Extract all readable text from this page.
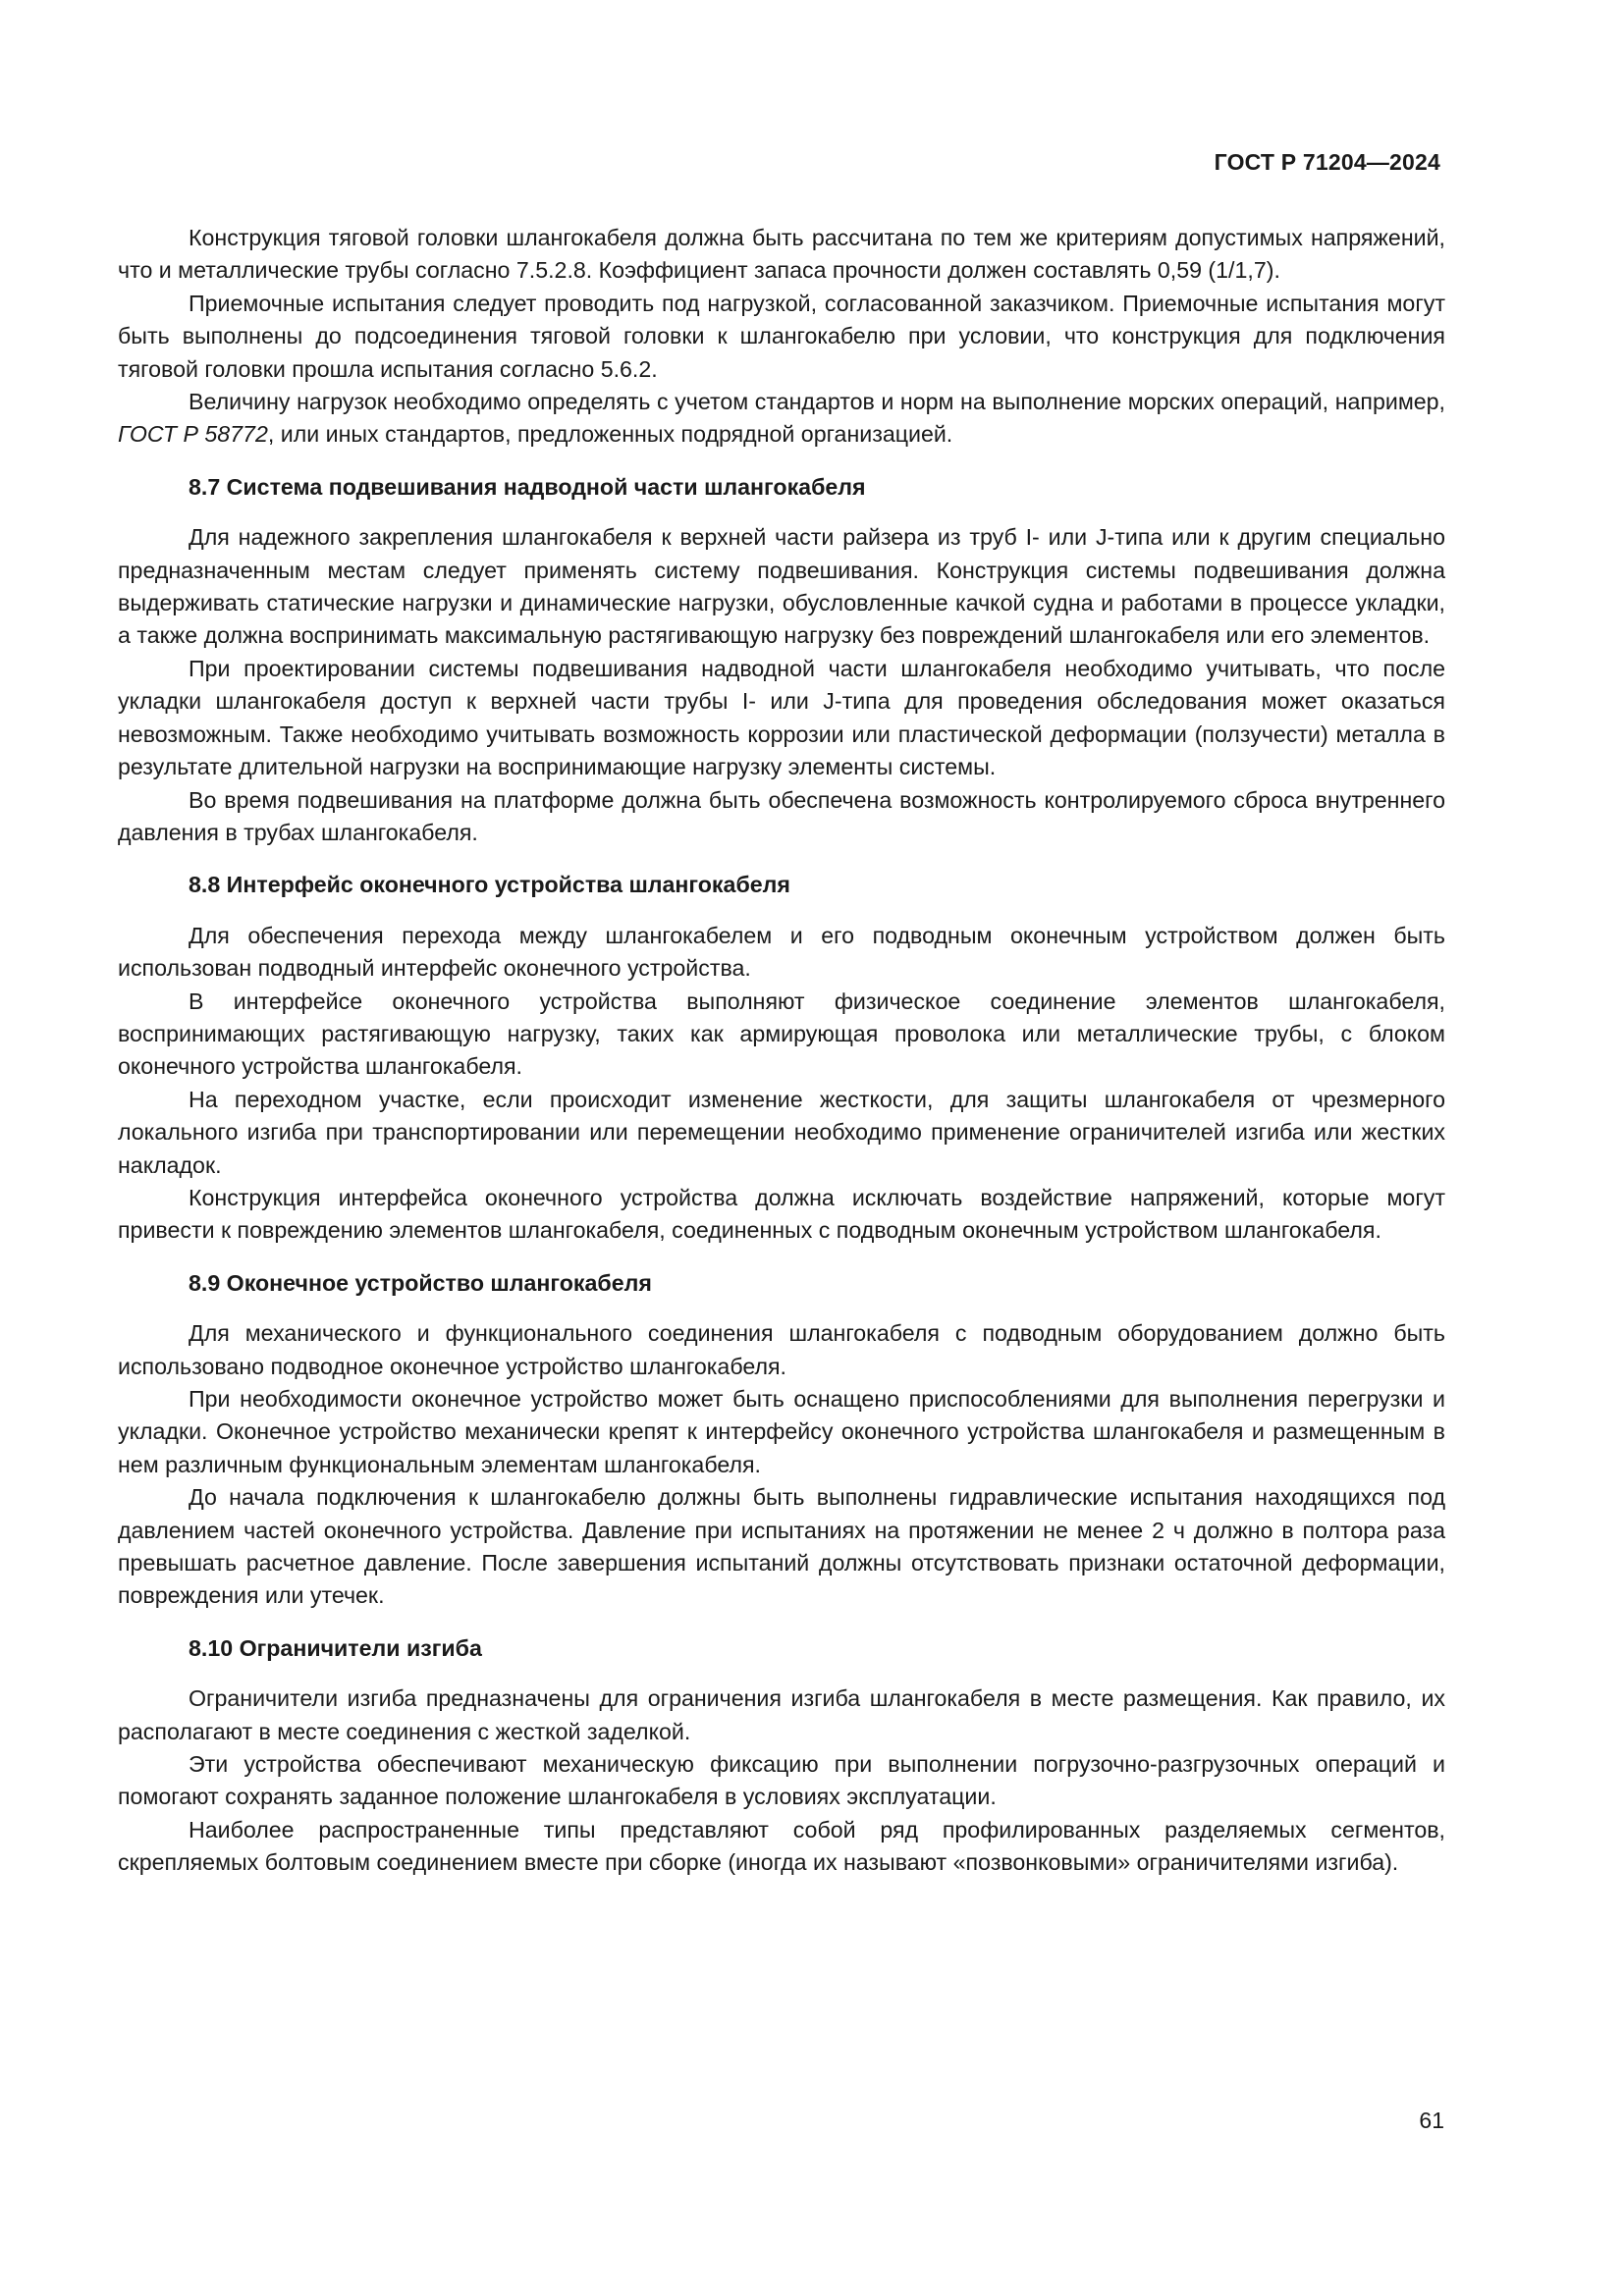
ГОСТ Р 71204—2024

Конструкция тяговой головки шлангокабеля должна быть рассчитана по тем же критериям допустимых напряжений, что и металлические трубы согласно 7.5.2.8. Коэффициент запаса прочности должен составлять 0,59 (1/1,7).

Приемочные испытания следует проводить под нагрузкой, согласованной заказчиком. Приемочные испытания могут быть выполнены до подсоединения тяговой головки к шлангокабелю при условии, что конструкция для подключения тяговой головки прошла испытания согласно 5.6.2.

Величину нагрузок необходимо определять с учетом стандартов и норм на выполнение морских операций, например, ГОСТ Р 58772, или иных стандартов, предложенных подрядной организацией.

8.7 Система подвешивания надводной части шлангокабеля

Для надежного закрепления шлангокабеля к верхней части райзера из труб I- или J-типа или к другим специально предназначенным местам следует применять систему подвешивания. Конструкция системы подвешивания должна выдерживать статические нагрузки и динамические нагрузки, обусловленные качкой судна и работами в процессе укладки, а также должна воспринимать максимальную растягивающую нагрузку без повреждений шлангокабеля или его элементов.

При проектировании системы подвешивания надводной части шлангокабеля необходимо учитывать, что после укладки шлангокабеля доступ к верхней части трубы I- или J-типа для проведения обследования может оказаться невозможным. Также необходимо учитывать возможность коррозии или пластической деформации (ползучести) металла в результате длительной нагрузки на воспринимающие нагрузку элементы системы.

Во время подвешивания на платформе должна быть обеспечена возможность контролируемого сброса внутреннего давления в трубах шлангокабеля.

8.8 Интерфейс оконечного устройства шлангокабеля

Для обеспечения перехода между шлангокабелем и его подводным оконечным устройством должен быть использован подводный интерфейс оконечного устройства.

В интерфейсе оконечного устройства выполняют физическое соединение элементов шлангокабеля, воспринимающих растягивающую нагрузку, таких как армирующая проволока или металлические трубы, с блоком оконечного устройства шлангокабеля.

На переходном участке, если происходит изменение жесткости, для защиты шлангокабеля от чрезмерного локального изгиба при транспортировании или перемещении необходимо применение ограничителей изгиба или жестких накладок.

Конструкция интерфейса оконечного устройства должна исключать воздействие напряжений, которые могут привести к повреждению элементов шлангокабеля, соединенных с подводным оконечным устройством шлангокабеля.

8.9 Оконечное устройство шлангокабеля

Для механического и функционального соединения шлангокабеля с подводным оборудованием должно быть использовано подводное оконечное устройство шлангокабеля.

При необходимости оконечное устройство может быть оснащено приспособлениями для выполнения перегрузки и укладки. Оконечное устройство механически крепят к интерфейсу оконечного устройства шлангокабеля и размещенным в нем различным функциональным элементам шлангокабеля.

До начала подключения к шлангокабелю должны быть выполнены гидравлические испытания находящихся под давлением частей оконечного устройства. Давление при испытаниях на протяжении не менее 2 ч должно в полтора раза превышать расчетное давление. После завершения испытаний должны отсутствовать признаки остаточной деформации, повреждения или утечек.

8.10 Ограничители изгиба

Ограничители изгиба предназначены для ограничения изгиба шлангокабеля в месте размещения. Как правило, их располагают в месте соединения с жесткой заделкой.

Эти устройства обеспечивают механическую фиксацию при выполнении погрузочно-разгрузочных операций и помогают сохранять заданное положение шлангокабеля в условиях эксплуатации.

Наиболее распространенные типы представляют собой ряд профилированных разделяемых сегментов, скрепляемых болтовым соединением вместе при сборке (иногда их называют «позвонковыми» ограничителями изгиба).

61
